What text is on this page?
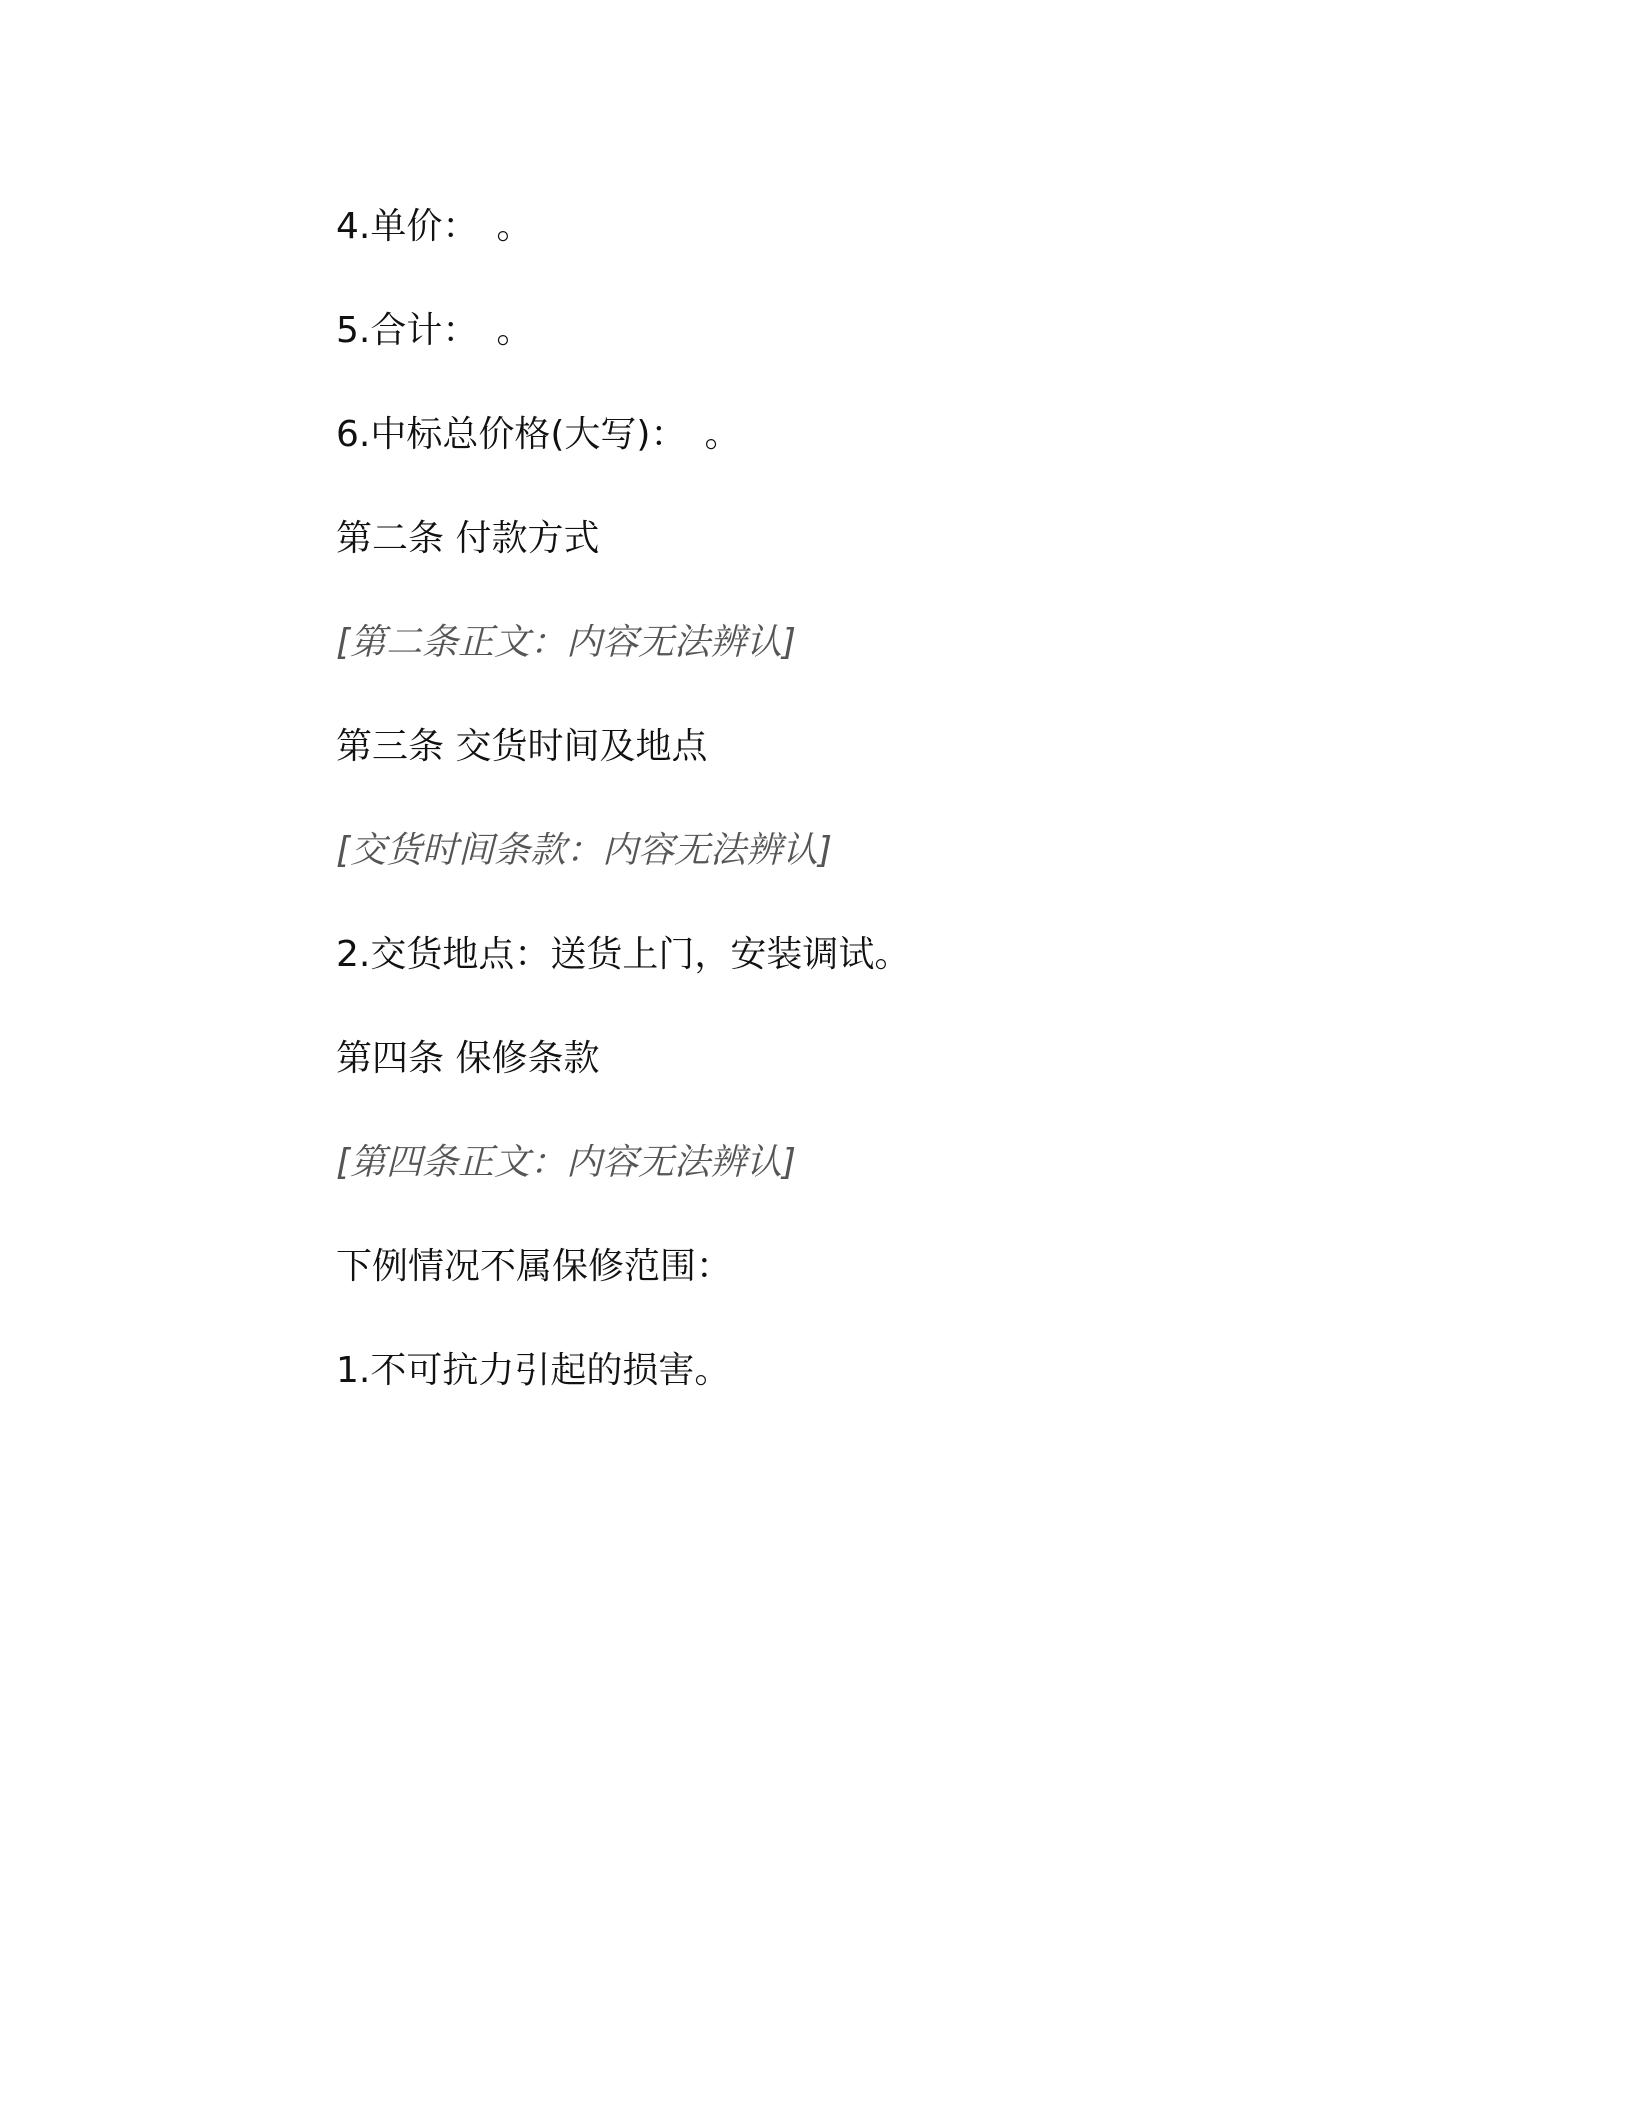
4.单价：　。

5.合计：　。

6.中标总价格(大写)：　。

第二条 付款方式

[第二条正文：内容无法辨认]

第三条 交货时间及地点

[交货时间条款：内容无法辨认]

2.交货地点：送货上门，安装调试。

第四条 保修条款

[第四条正文：内容无法辨认]

下例情况不属保修范围：

1.不可抗力引起的损害。
